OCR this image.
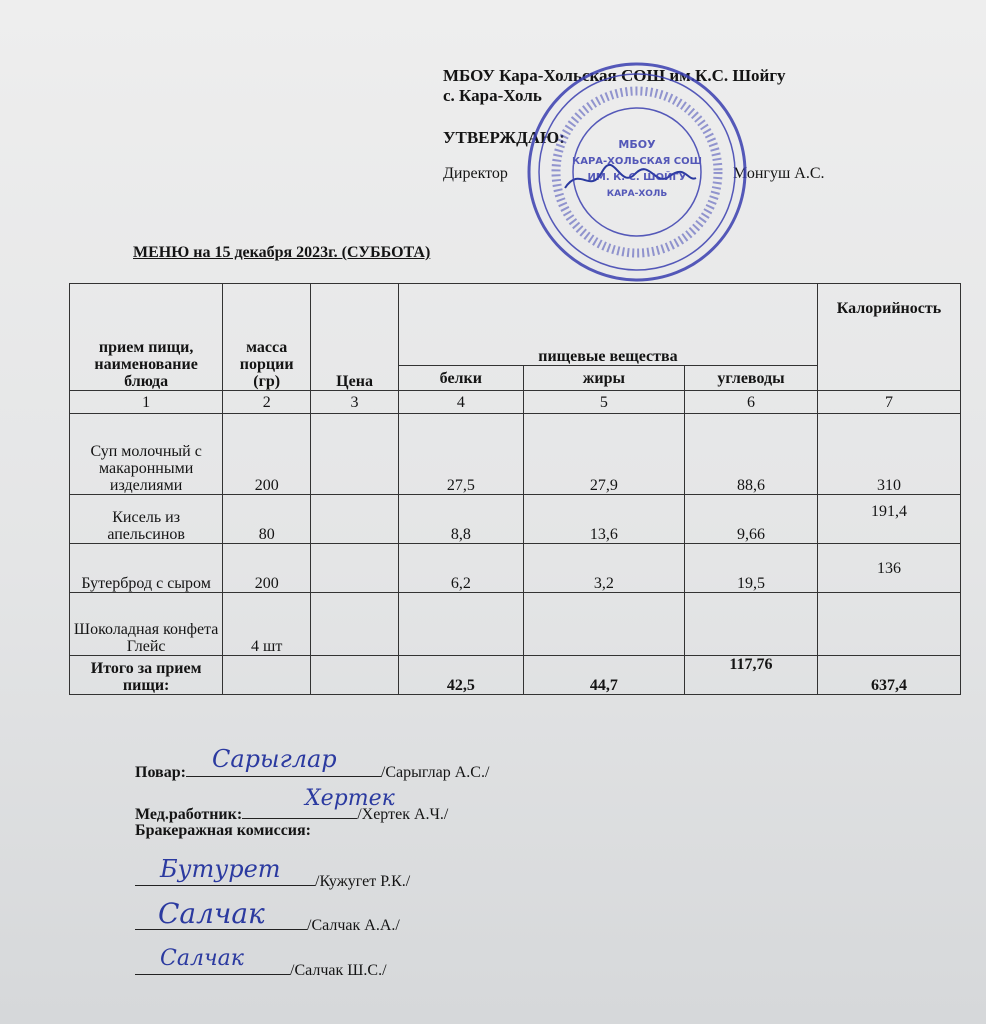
МБОУ Кара-Хольская СОШ им.К.С. Шойгу
с. Кара-Холь
УТВЕРЖДАЮ:
Директор	Монгуш А.С.
МБОУ
КАРА-ХОЛЬСКАЯ СОШ
ИМ. К. С. ШОЙГУ
КАРА-ХОЛЬ
МЕНЮ на 15 декабря 2023г. (СУББОТА)
прием пищи, наименование блюда	масса порции (гр)	Цена	пищевые вещества			Калорийность
			белки	жиры	углеводы	
1	2	3	4	5	6	7
Суп молочный с макаронными изделиями	200		27,5	27,9	88,6	310
Кисель из апельсинов	80		8,8	13,6	9,66	191,4
Бутерброд с сыром	200		6,2	3,2	19,5	136
Шоколадная конфета Глейс	4 шт					
Итого за прием пищи:			42,5	44,7	117,76	637,4
Повар:	/Сарыглар А.С./
Сарыглар
Мед.работник:	/Хертек А.Ч./
Хертек
Бракеражная комиссия:
/Кужугет Р.К./
Бутурет
/Салчак А.А./
Салчак
/Салчак Ш.С./
Салчак
